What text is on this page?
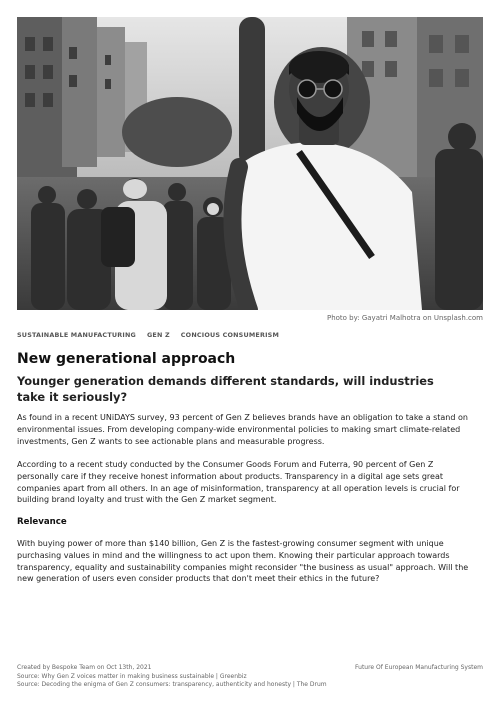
Photo by: Gayatri Malhotra on Unsplash.com
SUSTAINABLE MANUFACTURING GEN Z CONCIOUS CONSUMERISM
New generational approach
Younger generation demands different standards, will industries take it seriously?

As found in a recent UNiDAYS survey, 93 percent of Gen Z believes brands have an obligation to take a stand on environmental issues. From developing company-wide environmental policies to making smart climate-related investments, Gen Z wants to see actionable plans and measurable progress.

According to a recent study conducted by the Consumer Goods Forum and Futerra, 90 percent of Gen Z personally care if they receive honest information about products. Transparency in a digital age sets great companies apart from all others. In an age of misinformation, transparency at all operation levels is crucial for building brand loyalty and trust with the Gen Z market segment.

Relevance

With buying power of more than $140 billion, Gen Z is the fastest-growing consumer segment with unique purchasing values in mind and the willingness to act upon them. Knowing their particular approach towards transparency, equality and sustainability companies might reconsider "the business as usual" approach. Will the new generation of users even consider products that don't meet their ethics in the future?

Created by Bespoke Team on Oct 13th, 2021
Source: Why Gen Z voices matter in making business sustainable | Greenbiz
Source: Decoding the enigma of Gen Z consumers: transparency, authenticity and honesty | The Drum
Future Of European Manufacturing System
